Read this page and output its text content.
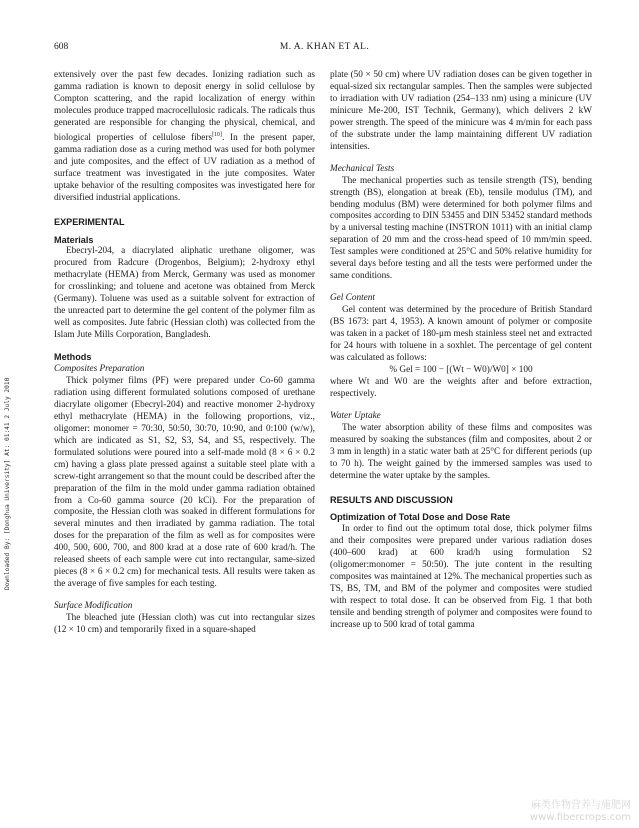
608	M. A. KHAN ET AL.
Downloaded By: [Donghua University] At: 01:41 2 July 2010

extensively over the past few decades. Ionizing radiation such as gamma radiation is known to deposit energy in solid cellulose by Compton scattering, and the rapid localization of energy within molecules produce trapped macrocellulosic radicals. The radicals thus generated are responsible for changing the physical, chemical, and biological properties of cellulose fibers[10]. In the present paper, gamma radiation dose as a curing method was used for both polymer and jute composites, and the effect of UV radiation as a method of surface treatment was investigated in the jute composites. Water uptake behavior of the resulting composites was investigated here for diversified industrial applications.

EXPERIMENTAL

Materials

Ebecryl-204, a diacrylated aliphatic urethane oligomer, was procured from Radcure (Drogenbos, Belgium); 2-hydroxy ethyl methacrylate (HEMA) from Merck, Germany was used as monomer for crosslinking; and toluene and acetone was obtained from Merck (Germany). Toluene was used as a suitable solvent for extraction of the unreacted part to determine the gel content of the polymer film as well as composites. Jute fabric (Hessian cloth) was collected from the Islam Jute Mills Corporation, Bangladesh.

Methods

Composites Preparation

Thick polymer films (PF) were prepared under Co-60 gamma radiation using different formulated solutions composed of urethane diacrylate oligomer (Ebecryl-204) and reactive monomer 2-hydroxy ethyl methacrylate (HEMA) in the following proportions, viz., oligomer: monomer = 70:30, 50:50, 30:70, 10:90, and 0:100 (w/w), which are indicated as S1, S2, S3, S4, and S5, respectively. The formulated solutions were poured into a self-made mold (8 × 6 × 0.2 cm) having a glass plate pressed against a suitable steel plate with a screw-tight arrangement so that the mount could be described after the preparation of the film in the mold under gamma radiation obtained from a Co-60 gamma source (20 kCi). For the preparation of composite, the Hessian cloth was soaked in different formulations for several minutes and then irradiated by gamma radiation. The total doses for the preparation of the film as well as for composites were 400, 500, 600, 700, and 800 krad at a dose rate of 600 krad/h. The released sheets of each sample were cut into rectangular, same-sized pieces (8 × 6 × 0.2 cm) for mechanical tests. All results were taken as the average of five samples for each testing.

Surface Modification

The bleached jute (Hessian cloth) was cut into rectangular sizes (12 × 10 cm) and temporarily fixed in a square-shaped

plate (50 × 50 cm) where UV radiation doses can be given together in equal-sized six rectangular samples. Then the samples were subjected to irradiation with UV radiation (254–133 nm) using a minicure (UV minicure Me-200, IST Technik, Germany), which delivers 2 kW power strength. The speed of the minicure was 4 m/min for each pass of the substrate under the lamp maintaining different UV radiation intensities.

Mechanical Tests

The mechanical properties such as tensile strength (TS), bending strength (BS), elongation at break (Eb), tensile modulus (TM), and bending modulus (BM) were determined for both polymer films and composites according to DIN 53455 and DIN 53452 standard methods by a universal testing machine (INSTRON 1011) with an initial clamp separation of 20 mm and the cross-head speed of 10 mm/min speed. Test samples were conditioned at 25°C and 50% relative humidity for several days before testing and all the tests were performed under the same conditions.

Gel Content

Gel content was determined by the procedure of British Standard (BS 1673: part 4, 1953). A known amount of polymer or composite was taken in a packet of 180-μm mesh stainless steel net and extracted for 24 hours with toluene in a soxhlet. The percentage of gel content was calculated as follows:

% Gel = 100 − [(Wt − W0)/W0] × 100

where Wt and W0 are the weights after and before extraction, respectively.

Water Uptake

The water absorption ability of these films and composites was measured by soaking the substances (film and composites, about 2 or 3 mm in length) in a static water bath at 25°C for different periods (up to 70 h). The weight gained by the immersed samples was used to determine the water uptake by the samples.

RESULTS AND DISCUSSION

Optimization of Total Dose and Dose Rate

In order to find out the optimum total dose, thick polymer films and their composites were prepared under various radiation doses (400–600 krad) at 600 krad/h using formulation S2 (oligomer:monomer = 50:50). The jute content in the resulting composites was maintained at 12%. The mechanical properties such as TS, BS, TM, and BM of the polymer and composites were studied with respect to total dose. It can be observed from Fig. 1 that both tensile and bending strength of polymer and composites were found to increase up to 500 krad of total gamma

麻类作物营养与施肥网
www.fibercrops.com
